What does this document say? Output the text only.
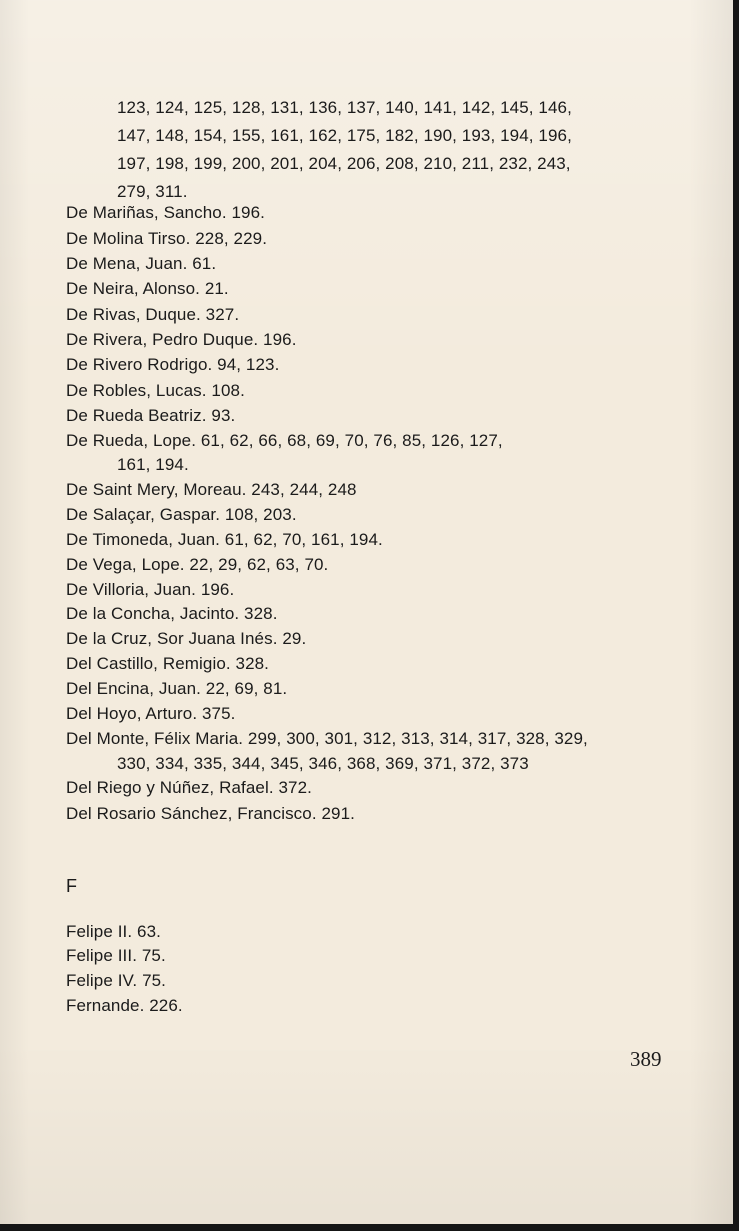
123, 124, 125, 128, 131, 136, 137, 140, 141, 142, 145, 146,
147, 148, 154, 155, 161, 162, 175, 182, 190, 193, 194, 196,
197, 198, 199, 200, 201, 204, 206, 208, 210, 211, 232, 243,
279, 311.
De Mariñas, Sancho. 196.
De Molina Tirso. 228, 229.
De Mena, Juan. 61.
De Neira, Alonso. 21.
De Rivas, Duque. 327.
De Rivera, Pedro Duque. 196.
De Rivero Rodrigo. 94, 123.
De Robles, Lucas. 108.
De Rueda Beatriz. 93.
De Rueda, Lope. 61, 62, 66, 68, 69, 70, 76, 85, 126, 127,
161, 194.
De Saint Mery, Moreau. 243, 244, 248
De Salaçar, Gaspar. 108, 203.
De Timoneda, Juan. 61, 62, 70, 161, 194.
De Vega, Lope. 22, 29, 62, 63, 70.
De Villoria, Juan. 196.
De la Concha, Jacinto. 328.
De la Cruz, Sor Juana Inés. 29.
Del Castillo, Remigio. 328.
Del Encina, Juan. 22, 69, 81.
Del Hoyo, Arturo. 375.
Del Monte, Félix Maria. 299, 300, 301, 312, 313, 314, 317, 328, 329,
330, 334, 335, 344, 345, 346, 368, 369, 371, 372, 373
Del Riego y Núñez, Rafael. 372.
Del Rosario Sánchez, Francisco. 291.
F
Felipe II. 63.
Felipe III. 75.
Felipe IV. 75.
Fernande. 226.
389
